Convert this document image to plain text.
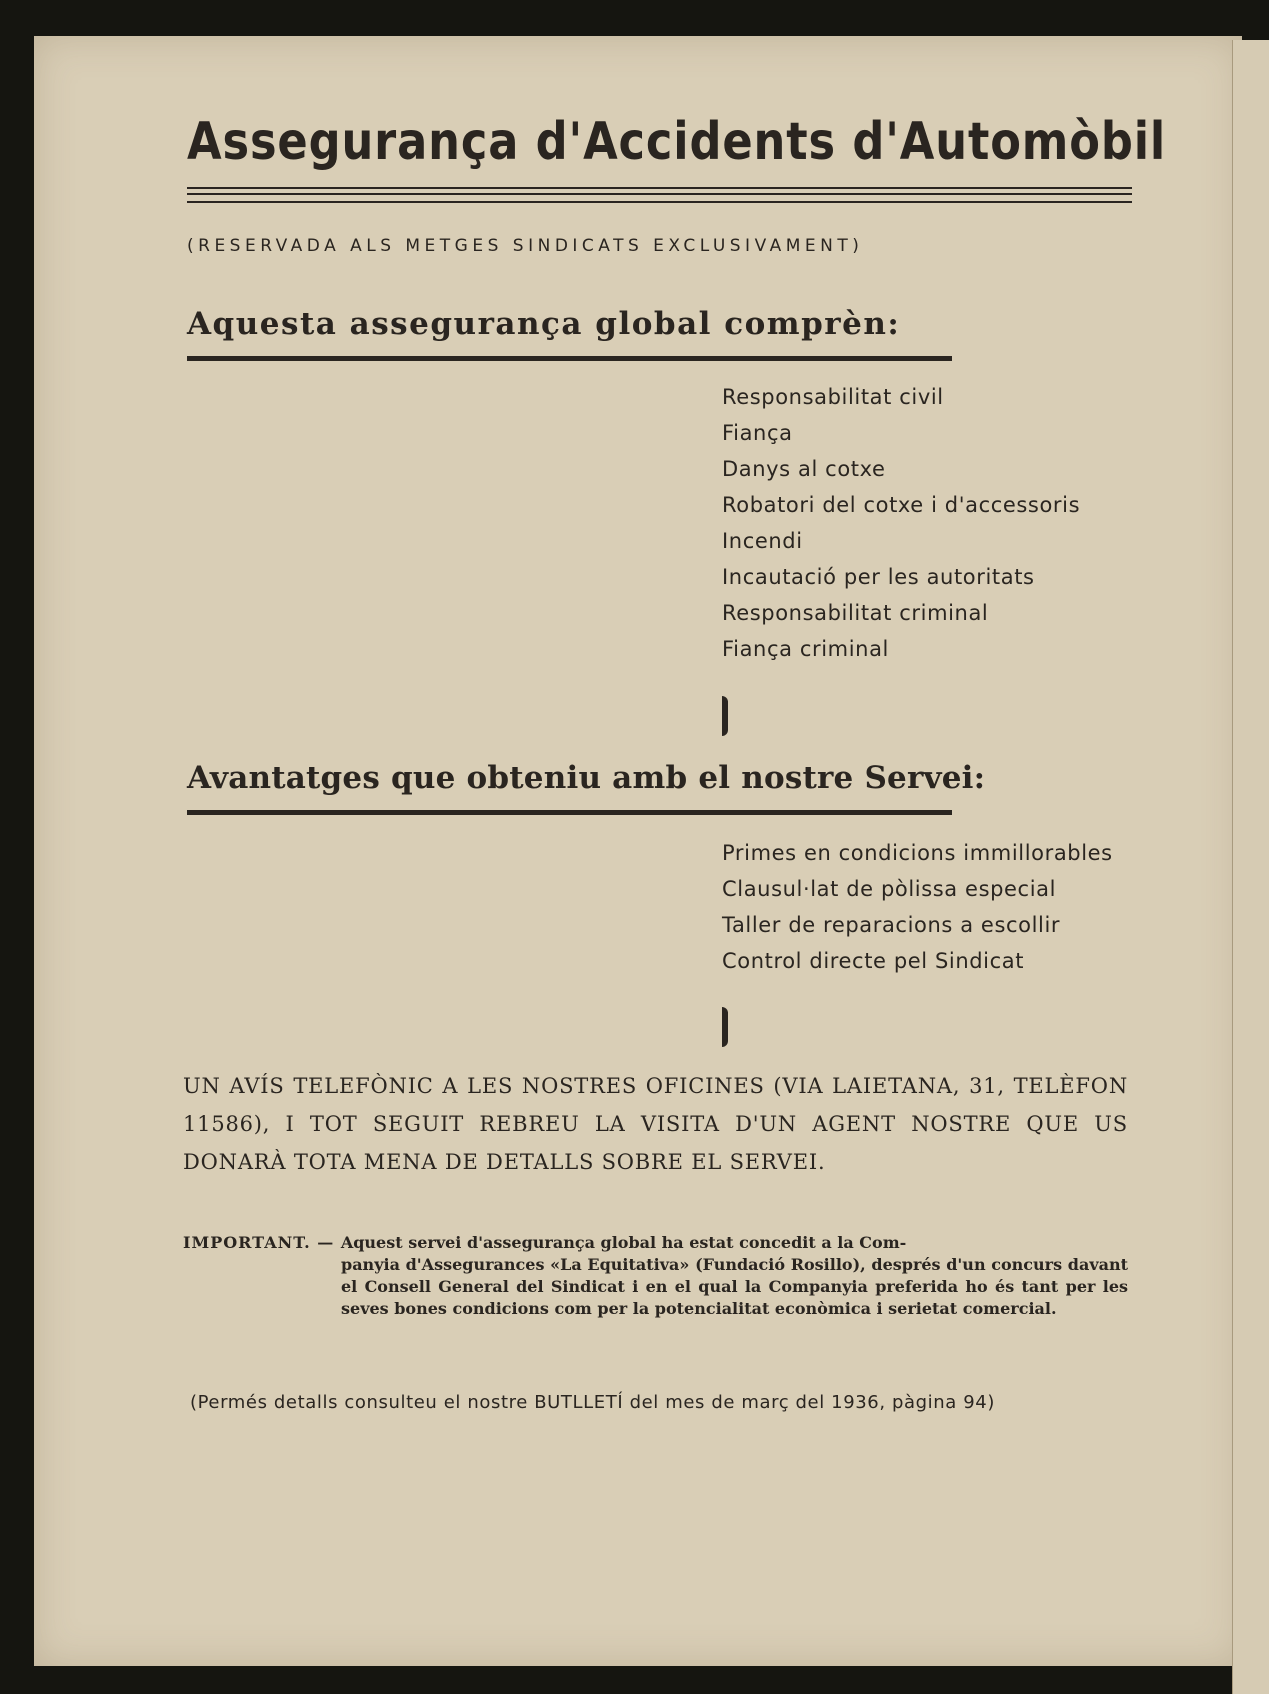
Assegurança d'Accidents d'Automòbil
(RESERVADA ALS METGES SINDICATS EXCLUSIVAMENT)
Aquesta assegurança global comprèn:
Responsabilitat civil
Fiança
Danys al cotxe
Robatori del cotxe i d'accessoris
Incendi
Incautació per les autoritats
Responsabilitat criminal
Fiança criminal
Avantatges que obteniu amb el nostre Servei:
Primes en condicions immillorables
Clausul·lat de pòlissa especial
Taller de reparacions a escollir
Control directe pel Sindicat
UN AVÍS TELEFÒNIC A LES NOSTRES OFICINES (VIA LAIETANA, 31, TELÈFON 11586), I TOT SEGUIT REBREU LA VISITA D'UN AGENT NOSTRE QUE US DONARÀ TOTA MENA DE DETALLS SOBRE EL SERVEI.
IMPORTANT. — Aquest servei d'assegurança global ha estat concedit a la Com-
panyia d'Assegurances «La Equitativa» (Fundació Rosillo), després d'un concurs davant el Consell General del Sindicat i en el qual la Companyia preferida ho és tant per les seves bones condicions com per la potencialitat econòmica i serietat comercial.
(Permés detalls consulteu el nostre BUTLLETÍ del mes de març del 1936, pàgina 94)
